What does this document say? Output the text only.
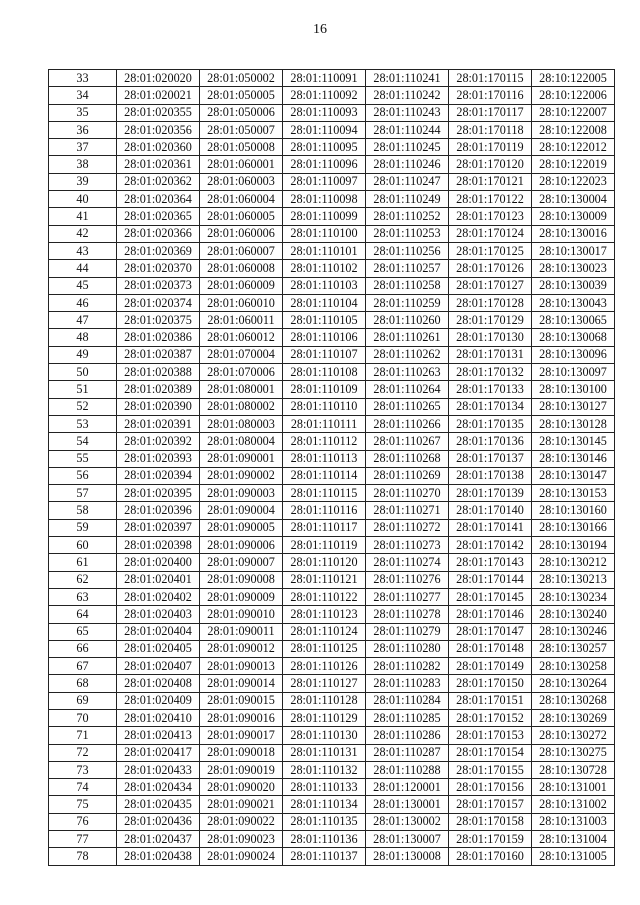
16
33	28:01:020020	28:01:050002	28:01:110091	28:01:110241	28:01:170115	28:10:122005
34	28:01:020021	28:01:050005	28:01:110092	28:01:110242	28:01:170116	28:10:122006
35	28:01:020355	28:01:050006	28:01:110093	28:01:110243	28:01:170117	28:10:122007
36	28:01:020356	28:01:050007	28:01:110094	28:01:110244	28:01:170118	28:10:122008
37	28:01:020360	28:01:050008	28:01:110095	28:01:110245	28:01:170119	28:10:122012
38	28:01:020361	28:01:060001	28:01:110096	28:01:110246	28:01:170120	28:10:122019
39	28:01:020362	28:01:060003	28:01:110097	28:01:110247	28:01:170121	28:10:122023
40	28:01:020364	28:01:060004	28:01:110098	28:01:110249	28:01:170122	28:10:130004
41	28:01:020365	28:01:060005	28:01:110099	28:01:110252	28:01:170123	28:10:130009
42	28:01:020366	28:01:060006	28:01:110100	28:01:110253	28:01:170124	28:10:130016
43	28:01:020369	28:01:060007	28:01:110101	28:01:110256	28:01:170125	28:10:130017
44	28:01:020370	28:01:060008	28:01:110102	28:01:110257	28:01:170126	28:10:130023
45	28:01:020373	28:01:060009	28:01:110103	28:01:110258	28:01:170127	28:10:130039
46	28:01:020374	28:01:060010	28:01:110104	28:01:110259	28:01:170128	28:10:130043
47	28:01:020375	28:01:060011	28:01:110105	28:01:110260	28:01:170129	28:10:130065
48	28:01:020386	28:01:060012	28:01:110106	28:01:110261	28:01:170130	28:10:130068
49	28:01:020387	28:01:070004	28:01:110107	28:01:110262	28:01:170131	28:10:130096
50	28:01:020388	28:01:070006	28:01:110108	28:01:110263	28:01:170132	28:10:130097
51	28:01:020389	28:01:080001	28:01:110109	28:01:110264	28:01:170133	28:10:130100
52	28:01:020390	28:01:080002	28:01:110110	28:01:110265	28:01:170134	28:10:130127
53	28:01:020391	28:01:080003	28:01:110111	28:01:110266	28:01:170135	28:10:130128
54	28:01:020392	28:01:080004	28:01:110112	28:01:110267	28:01:170136	28:10:130145
55	28:01:020393	28:01:090001	28:01:110113	28:01:110268	28:01:170137	28:10:130146
56	28:01:020394	28:01:090002	28:01:110114	28:01:110269	28:01:170138	28:10:130147
57	28:01:020395	28:01:090003	28:01:110115	28:01:110270	28:01:170139	28:10:130153
58	28:01:020396	28:01:090004	28:01:110116	28:01:110271	28:01:170140	28:10:130160
59	28:01:020397	28:01:090005	28:01:110117	28:01:110272	28:01:170141	28:10:130166
60	28:01:020398	28:01:090006	28:01:110119	28:01:110273	28:01:170142	28:10:130194
61	28:01:020400	28:01:090007	28:01:110120	28:01:110274	28:01:170143	28:10:130212
62	28:01:020401	28:01:090008	28:01:110121	28:01:110276	28:01:170144	28:10:130213
63	28:01:020402	28:01:090009	28:01:110122	28:01:110277	28:01:170145	28:10:130234
64	28:01:020403	28:01:090010	28:01:110123	28:01:110278	28:01:170146	28:10:130240
65	28:01:020404	28:01:090011	28:01:110124	28:01:110279	28:01:170147	28:10:130246
66	28:01:020405	28:01:090012	28:01:110125	28:01:110280	28:01:170148	28:10:130257
67	28:01:020407	28:01:090013	28:01:110126	28:01:110282	28:01:170149	28:10:130258
68	28:01:020408	28:01:090014	28:01:110127	28:01:110283	28:01:170150	28:10:130264
69	28:01:020409	28:01:090015	28:01:110128	28:01:110284	28:01:170151	28:10:130268
70	28:01:020410	28:01:090016	28:01:110129	28:01:110285	28:01:170152	28:10:130269
71	28:01:020413	28:01:090017	28:01:110130	28:01:110286	28:01:170153	28:10:130272
72	28:01:020417	28:01:090018	28:01:110131	28:01:110287	28:01:170154	28:10:130275
73	28:01:020433	28:01:090019	28:01:110132	28:01:110288	28:01:170155	28:10:130728
74	28:01:020434	28:01:090020	28:01:110133	28:01:120001	28:01:170156	28:10:131001
75	28:01:020435	28:01:090021	28:01:110134	28:01:130001	28:01:170157	28:10:131002
76	28:01:020436	28:01:090022	28:01:110135	28:01:130002	28:01:170158	28:10:131003
77	28:01:020437	28:01:090023	28:01:110136	28:01:130007	28:01:170159	28:10:131004
78	28:01:020438	28:01:090024	28:01:110137	28:01:130008	28:01:170160	28:10:131005
